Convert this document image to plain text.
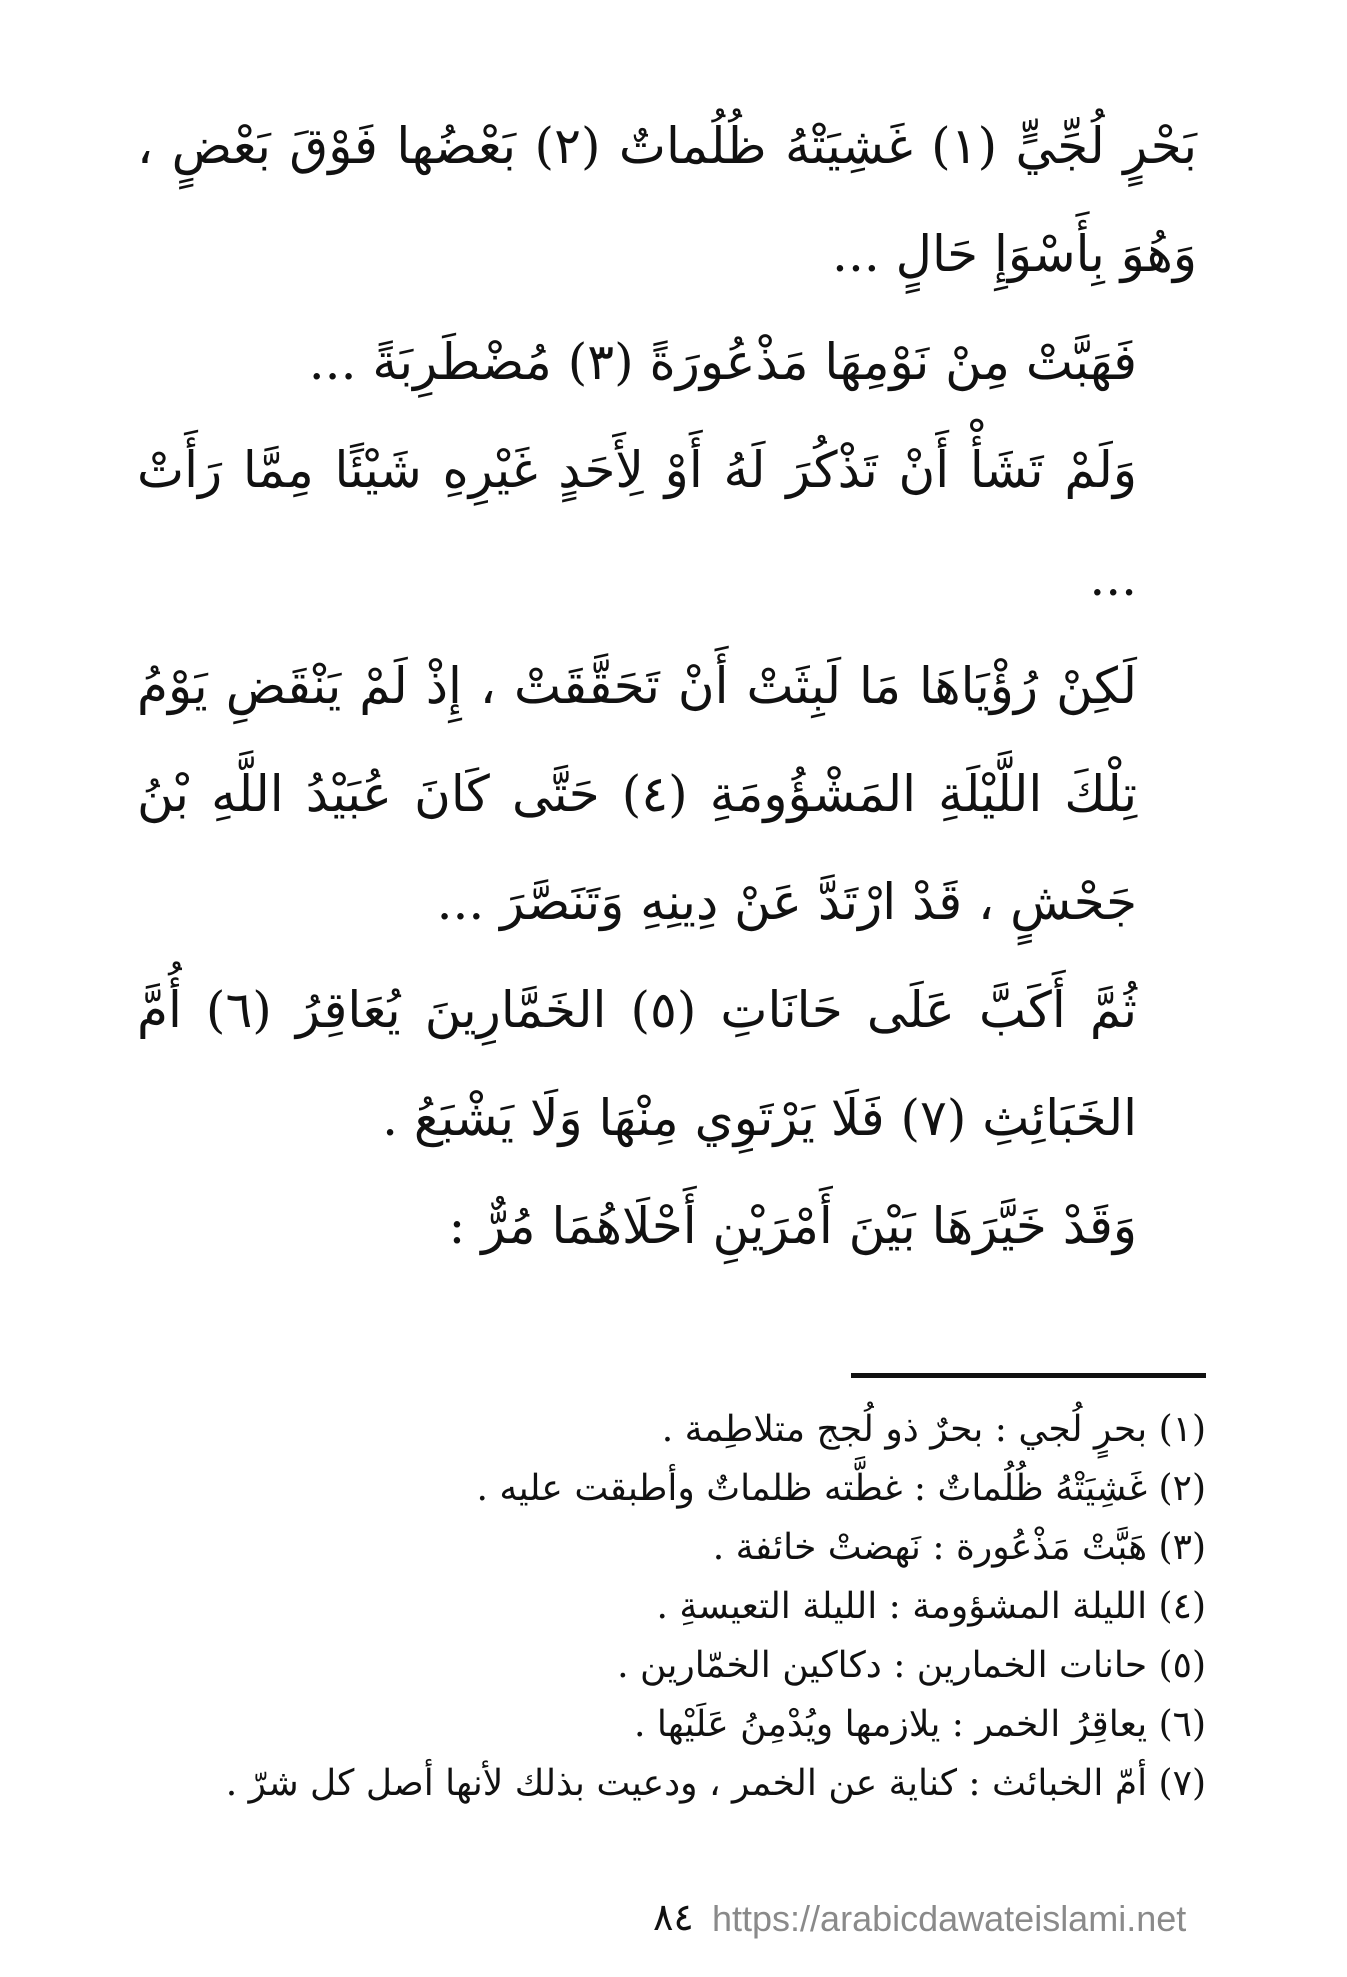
بَحْرٍ لُجِّيٍّ (١) غَشِيَتْهُ ظُلُماتٌ (٢) بَعْضُها فَوْقَ بَعْضٍ ، وَهُوَ بِأَسْوَإِ حَالٍ ...

فَهَبَّتْ مِنْ نَوْمِهَا مَذْعُورَةً (٣) مُضْطَرِبَةً ...

وَلَمْ تَشَأْ أَنْ تَذْكُرَ لَهُ أَوْ لِأَحَدٍ غَيْرِهِ شَيْئًا مِمَّا رَأَتْ ...

لَكِنْ رُؤْيَاهَا مَا لَبِثَتْ أَنْ تَحَقَّقَتْ ، إِذْ لَمْ يَنْقَضِ يَوْمُ تِلْكَ اللَّيْلَةِ المَشْؤُومَةِ (٤) حَتَّى كَانَ عُبَيْدُ اللَّهِ بْنُ جَحْشٍ ، قَدْ ارْتَدَّ عَنْ دِينِهِ وَتَنَصَّرَ ...

ثُمَّ أَكَبَّ عَلَى حَانَاتِ (٥) الخَمَّارِينَ يُعَاقِرُ (٦) أُمَّ الخَبَائِثِ (٧) فَلَا يَرْتَوِي مِنْهَا وَلَا يَشْبَعُ .

وَقَدْ خَيَّرَهَا بَيْنَ أَمْرَيْنِ أَحْلَاهُمَا مُرٌّ :

(١) بحرٍ لُجي : بحرٌ ذو لُجج متلاطِمة .

(٢) غَشِيَتْهُ ظُلُماتٌ : غطَّته ظلماتٌ وأطبقت عليه .

(٣) هَبَّتْ مَذْعُورة : نَهضتْ خائفة .

(٤) الليلة المشؤومة : الليلة التعيسةِ .

(٥) حانات الخمارين : دكاكين الخمّارين .

(٦) يعاقِرُ الخمر : يلازمها ويُدْمِنُ عَلَيْها .

(٧) أمّ الخبائث : كناية عن الخمر ، ودعيت بذلك لأنها أصل كل شرّ .

٨٤ https://arabicdawateislami.net
